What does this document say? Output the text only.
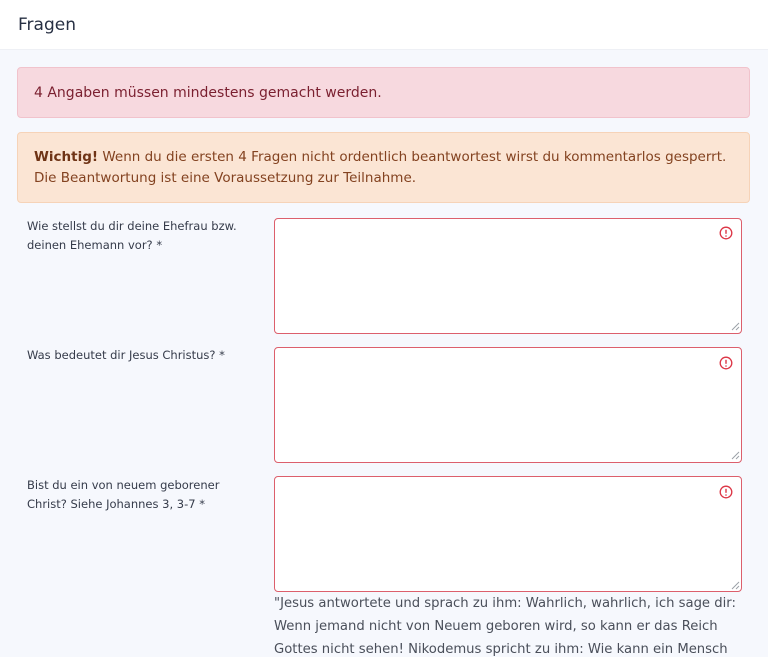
Fragen
4 Angaben müssen mindestens gemacht werden.
Wichtig! Wenn du die ersten 4 Fragen nicht ordentlich beantwortest wirst du kommentarlos gesperrt. Die Beantwortung ist eine Voraussetzung zur Teilnahme.
Wie stellst du dir deine Ehefrau bzw. deinen Ehemann vor? *
Was bedeutet dir Jesus Christus? *
Bist du ein von neuem geborener Christ? Siehe Johannes 3, 3-7 *
"Jesus antwortete und sprach zu ihm: Wahrlich, wahrlich, ich sage dir: Wenn jemand nicht von Neuem geboren wird, so kann er das Reich Gottes nicht sehen! Nikodemus spricht zu ihm: Wie kann ein Mensch
